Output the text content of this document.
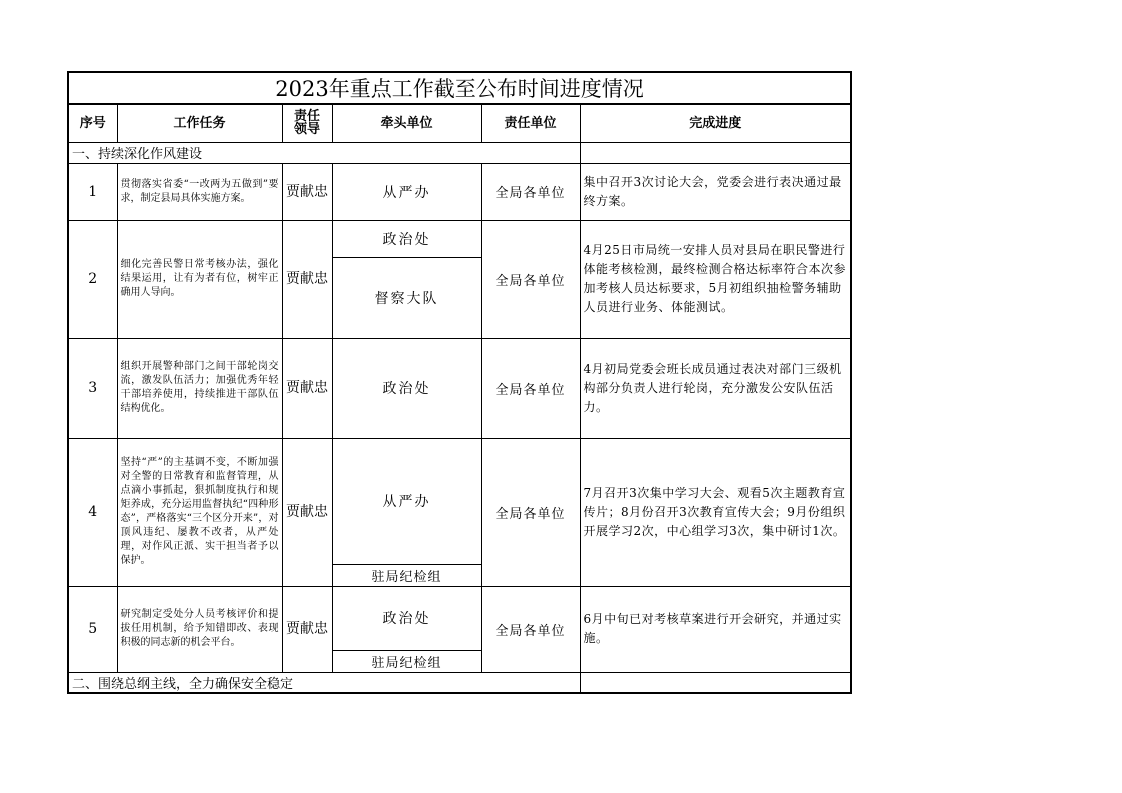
2023年重点工作截至公布时间进度情况					
序号	工作任务	责任领导	牵头单位	责任单位	完成进度
一、持续深化作风建设					
1	贯彻落实省委“一改两为五做到”要求，制定县局具体实施方案。	贾献忠	从严办	全局各单位	集中召开3次讨论大会，党委会进行表决通过最终方案。
2	细化完善民警日常考核办法，强化结果运用，让有为者有位，树牢正确用人导向。	贾献忠	政治处	全局各单位	4月25日市局统一安排人员对县局在职民警进行体能考核检测，最终检测合格达标率符合本次参加考核人员达标要求，5月初组织抽检警务辅助人员进行业务、体能测试。
			督察大队		
3	组织开展警种部门之间干部轮岗交流，激发队伍活力；加强优秀年轻干部培养使用，持续推进干部队伍结构优化。	贾献忠	政治处	全局各单位	4月初局党委会班长成员通过表决对部门三级机构部分负责人进行轮岗，充分激发公安队伍活力。
4	坚持“严”的主基调不变，不断加强对全警的日常教育和监督管理，从点滴小事抓起，狠抓制度执行和规矩养成，充分运用监督执纪“四种形态”，严格落实“三个区分开来”，对顶风违纪、屡教不改者，从严处理，对作风正派、实干担当者予以保护。	贾献忠	从严办	全局各单位	7月召开3次集中学习大会、观看5次主题教育宣传片；8月份召开3次教育宣传大会；9月份组织开展学习2次，中心组学习3次，集中研讨1次。
			驻局纪检组		
5	研究制定受处分人员考核评价和提拔任用机制，给予知错即改、表现积极的同志新的机会平台。	贾献忠	政治处	全局各单位	6月中旬已对考核草案进行开会研究，并通过实施。
			驻局纪检组		
二、围绕总纲主线，全力确保安全稳定					
